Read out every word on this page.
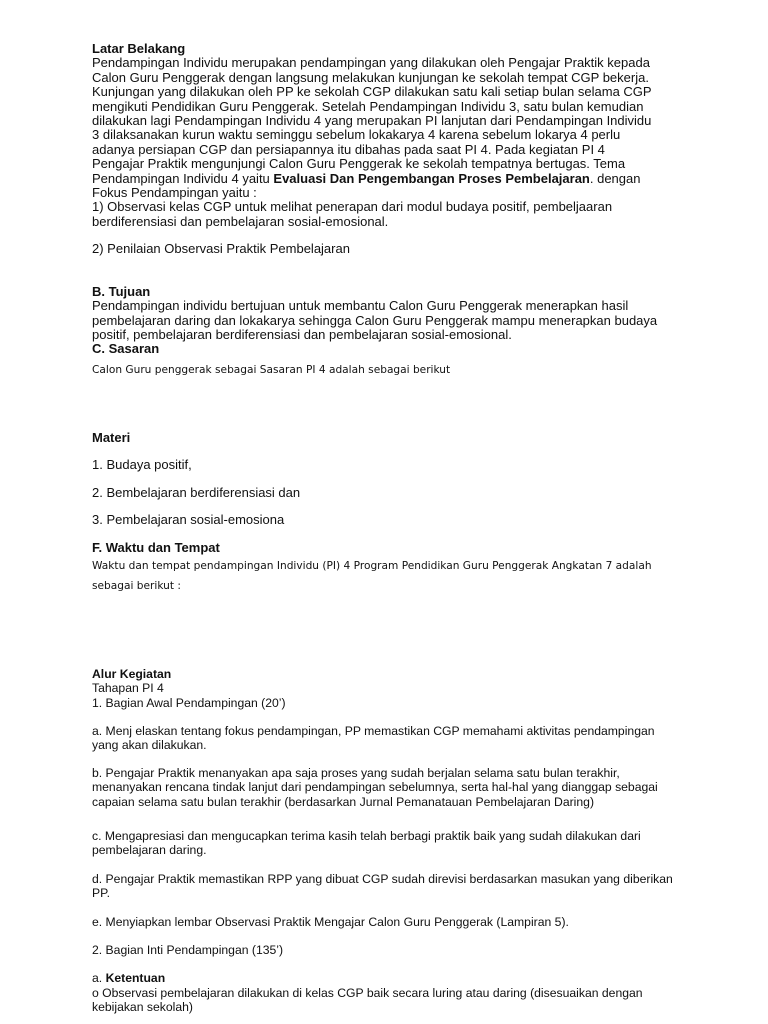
Latar Belakang

Pendampingan Individu merupakan pendampingan yang dilakukan oleh Pengajar Praktik kepada

Calon Guru Penggerak dengan langsung melakukan kunjungan ke sekolah tempat CGP bekerja.

Kunjungan yang dilakukan oleh PP ke sekolah CGP dilakukan satu kali setiap bulan selama CGP

mengikuti Pendidikan Guru Penggerak. Setelah Pendampingan Individu 3, satu bulan kemudian

dilakukan lagi Pendampingan Individu 4 yang merupakan PI lanjutan dari Pendampingan Individu

3 dilaksanakan kurun waktu seminggu sebelum lokakarya 4 karena sebelum lokarya 4 perlu

adanya persiapan CGP dan persiapannya itu dibahas pada saat PI 4. Pada kegiatan PI 4

Pengajar Praktik mengunjungi Calon Guru Penggerak ke sekolah tempatnya bertugas. Tema

Pendampingan Individu 4 yaitu Evaluasi Dan Pengembangan Proses Pembelajaran. dengan

Fokus Pendampingan yaitu :

1) Observasi kelas CGP untuk melihat penerapan dari modul budaya positif, pembeljaaran

berdiferensiasi dan pembelajaran sosial-emosional.

2) Penilaian Observasi Praktik Pembelajaran

B. Tujuan

Pendampingan individu bertujuan untuk membantu Calon Guru Penggerak menerapkan hasil

pembelajaran daring dan lokakarya sehingga Calon Guru Penggerak mampu menerapkan budaya

positif, pembelajaran berdiferensiasi dan pembelajaran sosial-emosional.

C. Sasaran

Calon Guru penggerak sebagai Sasaran PI 4 adalah sebagai berikut

Materi

1. Budaya positif,

2. Bembelajaran berdiferensiasi dan

3. Pembelajaran sosial-emosiona

F. Waktu dan Tempat

Waktu dan tempat pendampingan Individu (PI) 4 Program Pendidikan Guru Penggerak Angkatan 7 adalah

sebagai berikut :

Alur Kegiatan

Tahapan PI 4

1. Bagian Awal Pendampingan (20’)

a. Menj elaskan tentang fokus pendampingan, PP memastikan CGP memahami aktivitas pendampingan

yang akan dilakukan.

b. Pengajar Praktik menanyakan apa saja proses yang sudah berjalan selama satu bulan terakhir,

menanyakan rencana tindak lanjut dari pendampingan sebelumnya, serta hal-hal yang dianggap sebagai

capaian selama satu bulan terakhir (berdasarkan Jurnal Pemanatauan Pembelajaran Daring)

c. Mengapresiasi dan mengucapkan terima kasih telah berbagi praktik baik yang sudah dilakukan dari

pembelajaran daring.

d. Pengajar Praktik memastikan RPP yang dibuat CGP sudah direvisi berdasarkan masukan yang diberikan

PP.

e. Menyiapkan lembar Observasi Praktik Mengajar Calon Guru Penggerak (Lampiran 5).

2. Bagian Inti Pendampingan (135’)

a. Ketentuan

o Observasi pembelajaran dilakukan di kelas CGP baik secara luring atau daring (disesuaikan dengan

kebijakan sekolah)
